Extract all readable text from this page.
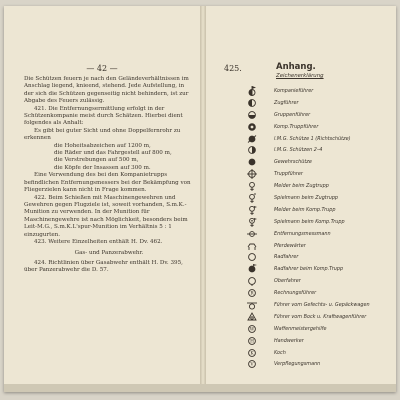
— 42 —

Die Schützen feuern je nach den Geländeverhältnissen im Anschlag liegend, knieend, stehend. Jede Aufstellung, in der sich die Schützen gegenseitig nicht behindern, ist zur Abgabe des Feuers zulässig.

421. Die Entfernungsermittlung erfolgt in der Schützenkompanie meist durch Schätzen. Hierbei dient folgendes als Anhalt:

Es gibt bei guter Sicht und ohne Doppelfernrohr zu erkennen

die Hoheitsabzeichen auf 1200 m,

die Räder und das Fahrgestell auf 800 m,

die Verstrebungen auf 500 m,

die Köpfe der Insassen auf 300 m.

Eine Verwendung des bei den Kompanietrupps befindlichen Entfernungsmessers bei der Bekämpfung von Fliegerzielen kann nicht in Frage kommen.

422. Beim Schießen mit Maschinengewehren und Gewehren gegen Flugziele ist, soweit vorhanden, S.m.K.-Munition zu verwenden. In der Munition für Maschinengewehre ist nach Möglichkeit, besonders beim Leit-M.G., S.m.K.L'spur-Munition im Verhältnis 5 : 1 einzugurten.

423. Weitere Einzelheiten enthält H. Dv. 462.

Gas- und Panzerabwehr.

424. Richtlinien über Gasabwehr enthält H. Dv. 395, über Panzerabwehr die D. 57.

425.	Anhang.
Zeichenerklärung
Kompanieführer
Zugführer
Gruppenführer
Komp.Truppführer
l.M.G. Schütze 1 (Richtschütze)
l.M.G. Schützen 2–4
Gewehrschütze
Truppführer
Melder beim Zugtrupp
Spielmann beim Zugtrupp
Melder beim Komp.Trupp
Spielmann beim Komp.Trupp
Entfernungsmessmann
Pferdewärter
Radfahrer
Radfahrer beim Komp.Trupp
Oberfahrer
R	Rechnungsführer
Führer vom Gefechts- u. Gepäckwagen
Führer vom Bock u. Kraftwagenführer
W	Waffenmeistergehilfe
H	Handwerker
K	Koch
V	Verpflegungsmann
